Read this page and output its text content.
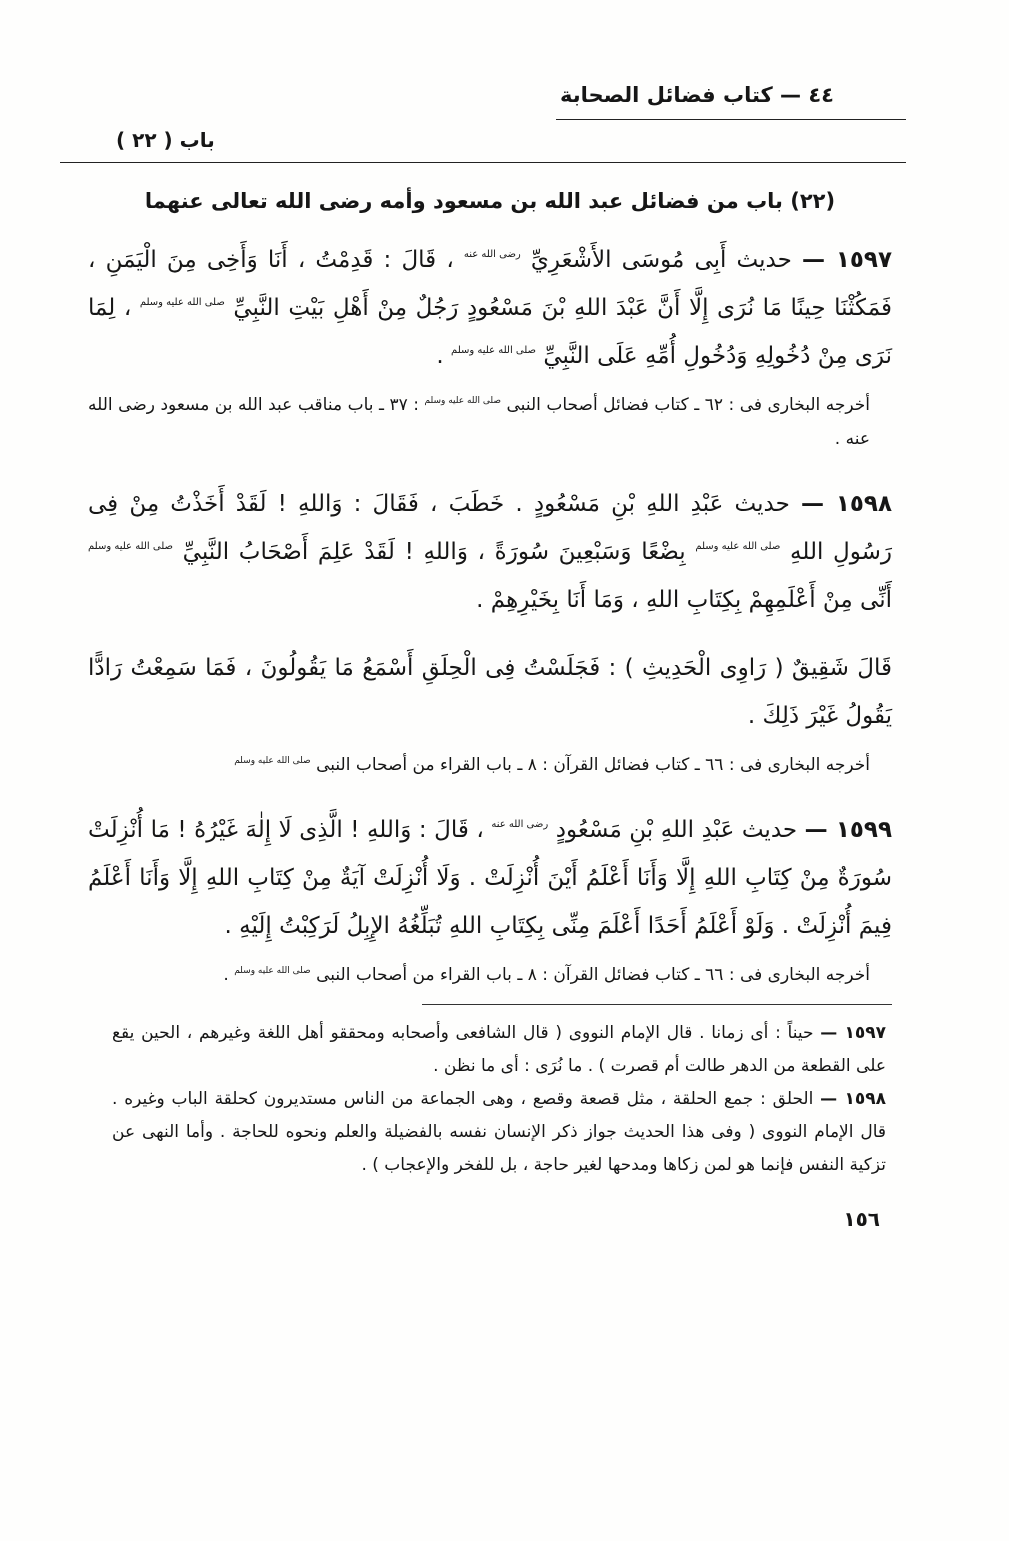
٤٤ — كتاب فضائل الصحابة
باب ( ٢٢ )
(٢٢) باب من فضائل عبد الله بن مسعود وأمه رضى الله تعالى عنهما

١٥٩٧ — حديث أَبِى مُوسَى الأَشْعَرِيِّ رضى الله عنه ، قَالَ : قَدِمْتُ ، أَنَا وَأَخِى مِنَ الْيَمَنِ ، فَمَكُثْنَا حِينًا مَا نُرَى إِلَّا أَنَّ عَبْدَ اللهِ بْنَ مَسْعُودٍ رَجُلٌ مِنْ أَهْلِ بَيْتِ النَّبِيِّ صلى الله عليه وسلم ، لِمَا نَرَى مِنْ دُخُولِهِ وَدُخُولِ أُمِّهِ عَلَى النَّبِيِّ صلى الله عليه وسلم .

أخرجه البخارى فى : ٦٢ ـ كتاب فضائل أصحاب النبى صلى الله عليه وسلم : ٣٧ ـ باب مناقب عبد الله بن مسعود رضى الله عنه .

١٥٩٨ — حديث عَبْدِ اللهِ بْنِ مَسْعُودٍ . خَطَبَ ، فَقَالَ : وَاللهِ ! لَقَدْ أَخَذْتُ مِنْ فِى رَسُولِ اللهِ صلى الله عليه وسلم بِضْعًا وَسَبْعِينَ سُورَةً ، وَاللهِ ! لَقَدْ عَلِمَ أَصْحَابُ النَّبِيِّ صلى الله عليه وسلم أَنِّى مِنْ أَعْلَمِهِمْ بِكِتَابِ اللهِ ، وَمَا أَنَا بِخَيْرِهِمْ .

قَالَ شَقِيقٌ ( رَاوِى الْحَدِيثِ ) : فَجَلَسْتُ فِى الْحِلَقِ أَسْمَعُ مَا يَقُولُونَ ، فَمَا سَمِعْتُ رَادًّا يَقُولُ غَيْرَ ذَلِكَ .

أخرجه البخارى فى : ٦٦ ـ كتاب فضائل القرآن : ٨ ـ باب القراء من أصحاب النبى صلى الله عليه وسلم

١٥٩٩ — حديث عَبْدِ اللهِ بْنِ مَسْعُودٍ رضى الله عنه ، قَالَ : وَاللهِ ! الَّذِى لَا إِلٰهَ غَيْرُهُ ! مَا أُنْزِلَتْ سُورَةٌ مِنْ كِتَابِ اللهِ إِلَّا وَأَنَا أَعْلَمُ أَيْنَ أُنْزِلَتْ . وَلَا أُنْزِلَتْ آيَةٌ مِنْ كِتَابِ اللهِ إِلَّا وَأَنَا أَعْلَمُ فِيمَ أُنْزِلَتْ . وَلَوْ أَعْلَمُ أَحَدًا أَعْلَمَ مِنِّى بِكِتَابِ اللهِ تُبَلِّغُهُ الإِبِلُ لَرَكِبْتُ إِلَيْهِ .

أخرجه البخارى فى : ٦٦ ـ كتاب فضائل القرآن : ٨ ـ باب القراء من أصحاب النبى صلى الله عليه وسلم .

١٥٩٧ — حيناً : أى زمانا . قال الإمام النووى ( قال الشافعى وأصحابه ومحققو أهل اللغة وغيرهم ، الحين يقع على القطعة من الدهر طالت أم قصرت ) . ما نُرَى : أى ما نظن .

١٥٩٨ — الحلق : جمع الحلقة ، مثل قصعة وقصع ، وهى الجماعة من الناس مستديرون كحلقة الباب وغيره . قال الإمام النووى ( وفى هذا الحديث جواز ذكر الإنسان نفسه بالفضيلة والعلم ونحوه للحاجة . وأما النهى عن تزكية النفس فإنما هو لمن زكاها ومدحها لغير حاجة ، بل للفخر والإعجاب ) .

١٥٦
